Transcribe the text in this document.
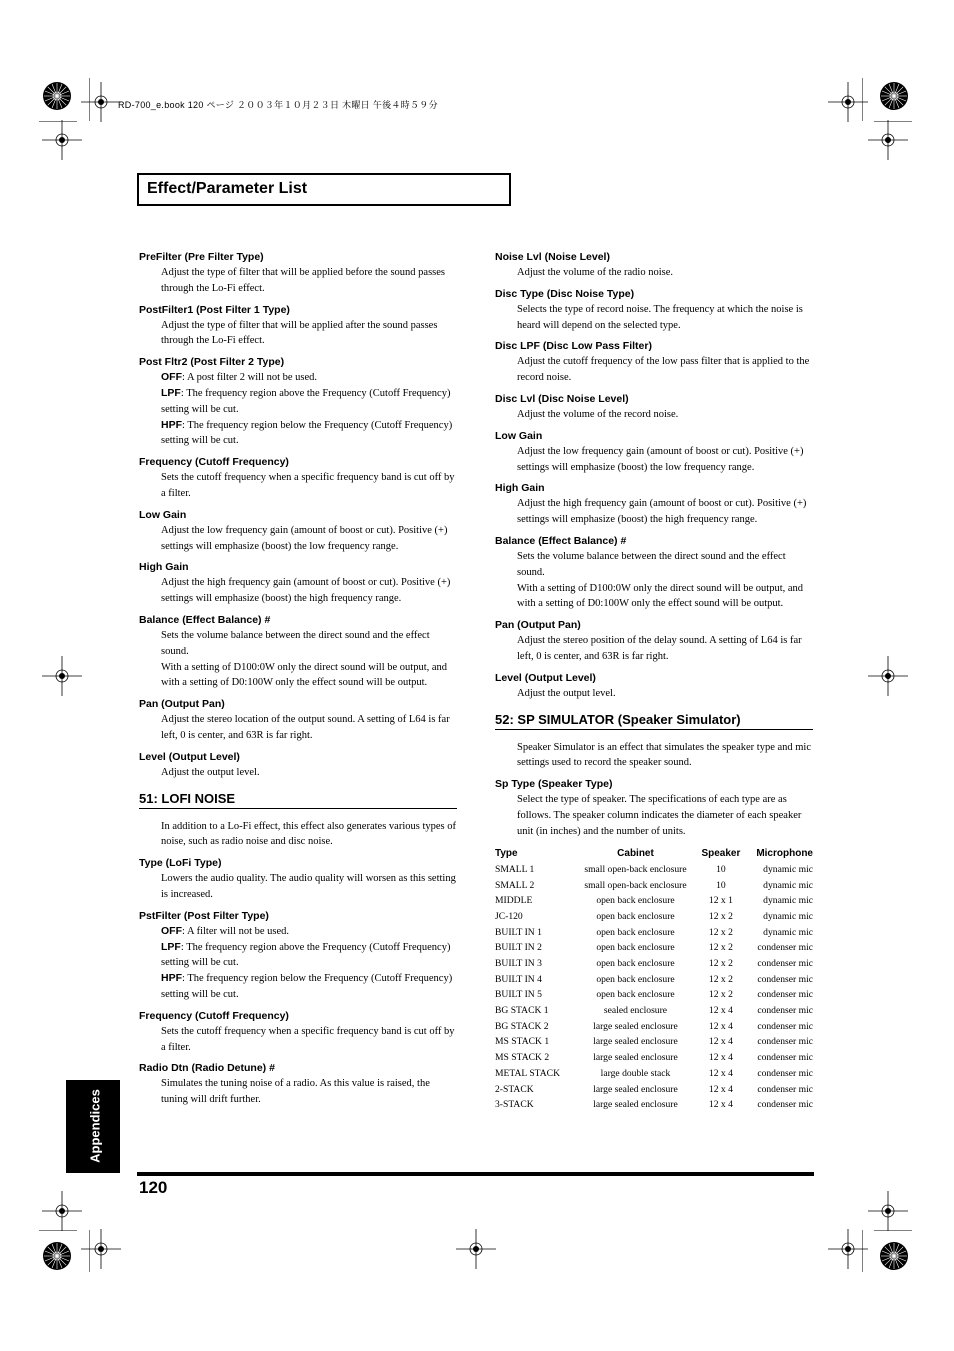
RD-700_e.book 120 ページ ２００３年１０月２３日 木曜日 午後４時５９分
Effect/Parameter List
PreFilter (Pre Filter Type)

Adjust the type of filter that will be applied before the sound passes through the Lo-Fi effect.

PostFilter1 (Post Filter 1 Type)

Adjust the type of filter that will be applied after the sound passes through the Lo-Fi effect.

Post Fltr2 (Post Filter 2 Type)

OFF: A post filter 2 will not be used.

LPF: The frequency region above the Frequency (Cutoff Frequency) setting will be cut.

HPF: The frequency region below the Frequency (Cutoff Frequency) setting will be cut.

Frequency (Cutoff Frequency)

Sets the cutoff frequency when a specific frequency band is cut off by a filter.

Low Gain

Adjust the low frequency gain (amount of boost or cut). Positive (+) settings will emphasize (boost) the low frequency range.

High Gain

Adjust the high frequency gain (amount of boost or cut). Positive (+) settings will emphasize (boost) the high frequency range.

Balance (Effect Balance) #

Sets the volume balance between the direct sound and the effect sound.

With a setting of D100:0W only the direct sound will be output, and with a setting of D0:100W only the effect sound will be output.

Pan (Output Pan)

Adjust the stereo location of the output sound. A setting of L64 is far left, 0 is center, and 63R is far right.

Level (Output Level)

Adjust the output level.

51: LOFI NOISE
In addition to a Lo-Fi effect, this effect also generates various types of noise, such as radio noise and disc noise.
Type (LoFi Type)

Lowers the audio quality. The audio quality will worsen as this setting is increased.

PstFilter (Post Filter Type)

OFF: A filter will not be used.

LPF: The frequency region above the Frequency (Cutoff Frequency) setting will be cut.

HPF: The frequency region below the Frequency (Cutoff Frequency) setting will be cut.

Frequency (Cutoff Frequency)

Sets the cutoff frequency when a specific frequency band is cut off by a filter.

Radio Dtn (Radio Detune) #

Simulates the tuning noise of a radio. As this value is raised, the tuning will drift further.

Noise Lvl (Noise Level)

Adjust the volume of the radio noise.

Disc Type (Disc Noise Type)

Selects the type of record noise. The frequency at which the noise is heard will depend on the selected type.

Disc LPF (Disc Low Pass Filter)

Adjust the cutoff frequency of the low pass filter that is applied to the record noise.

Disc Lvl (Disc Noise Level)

Adjust the volume of the record noise.

Low Gain

Adjust the low frequency gain (amount of boost or cut). Positive (+) settings will emphasize (boost) the low frequency range.

High Gain

Adjust the high frequency gain (amount of boost or cut). Positive (+) settings will emphasize (boost) the high frequency range.

Balance (Effect Balance) #

Sets the volume balance between the direct sound and the effect sound.

With a setting of D100:0W only the direct sound will be output, and with a setting of D0:100W only the effect sound will be output.

Pan (Output Pan)

Adjust the stereo position of the delay sound. A setting of L64 is far left, 0 is center, and 63R is far right.

Level (Output Level)

Adjust the output level.

52: SP SIMULATOR (Speaker Simulator)
Speaker Simulator is an effect that simulates the speaker type and mic settings used to record the speaker sound.
Sp Type (Speaker Type)
Select the type of speaker. The specifications of each type are as follows. The speaker column indicates the diameter of each speaker unit (in inches) and the number of units.
Type	Cabinet	Speaker	Microphone
SMALL 1	small open-back enclosure	10	dynamic mic
SMALL 2	small open-back enclosure	10	dynamic mic
MIDDLE	open back enclosure	12 x 1	dynamic mic
JC-120	open back enclosure	12 x 2	dynamic mic
BUILT IN 1	open back enclosure	12 x 2	dynamic mic
BUILT IN 2	open back enclosure	12 x 2	condenser mic
BUILT IN 3	open back enclosure	12 x 2	condenser mic
BUILT IN 4	open back enclosure	12 x 2	condenser mic
BUILT IN 5	open back enclosure	12 x 2	condenser mic
BG STACK 1	sealed enclosure	12 x 4	condenser mic
BG STACK 2	large sealed enclosure	12 x 4	condenser mic
MS STACK 1	large sealed enclosure	12 x 4	condenser mic
MS STACK 2	large sealed enclosure	12 x 4	condenser mic
METAL STACK	large double stack	12 x 4	condenser mic
2-STACK	large sealed enclosure	12 x 4	condenser mic
3-STACK	large sealed enclosure	12 x 4	condenser mic
Appendices
120
